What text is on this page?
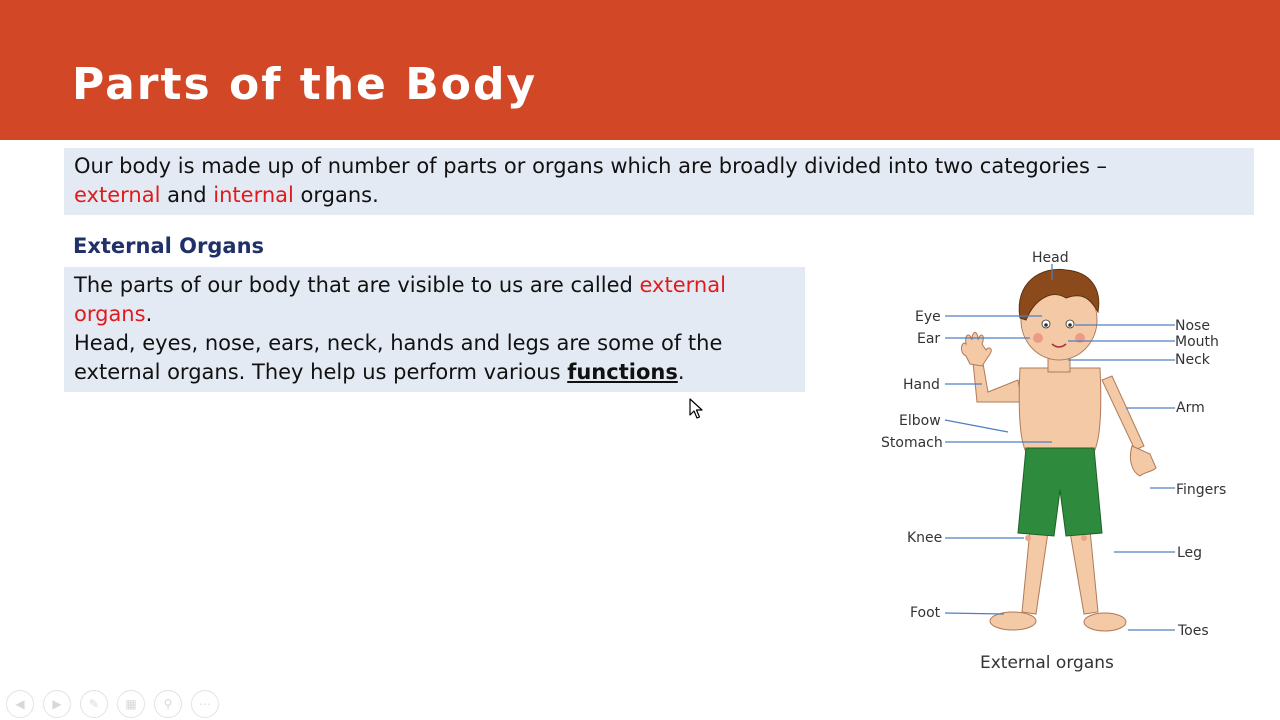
Parts of the Body
Our body is made up of number of parts or organs which are broadly divided into two categories –
external and internal organs.
External Organs

The parts of our body that are visible to us are called external organs.

Head, eyes, nose, ears, neck, hands and legs are some of the external organs. They help us perform various functions.

Head
Eye
Ear
Hand
Elbow
Stomach
Knee
Foot
Nose
Mouth
Neck
Arm
Fingers
Leg
Toes
External organs
◀	▶	✎	▦	⚲	⋯
